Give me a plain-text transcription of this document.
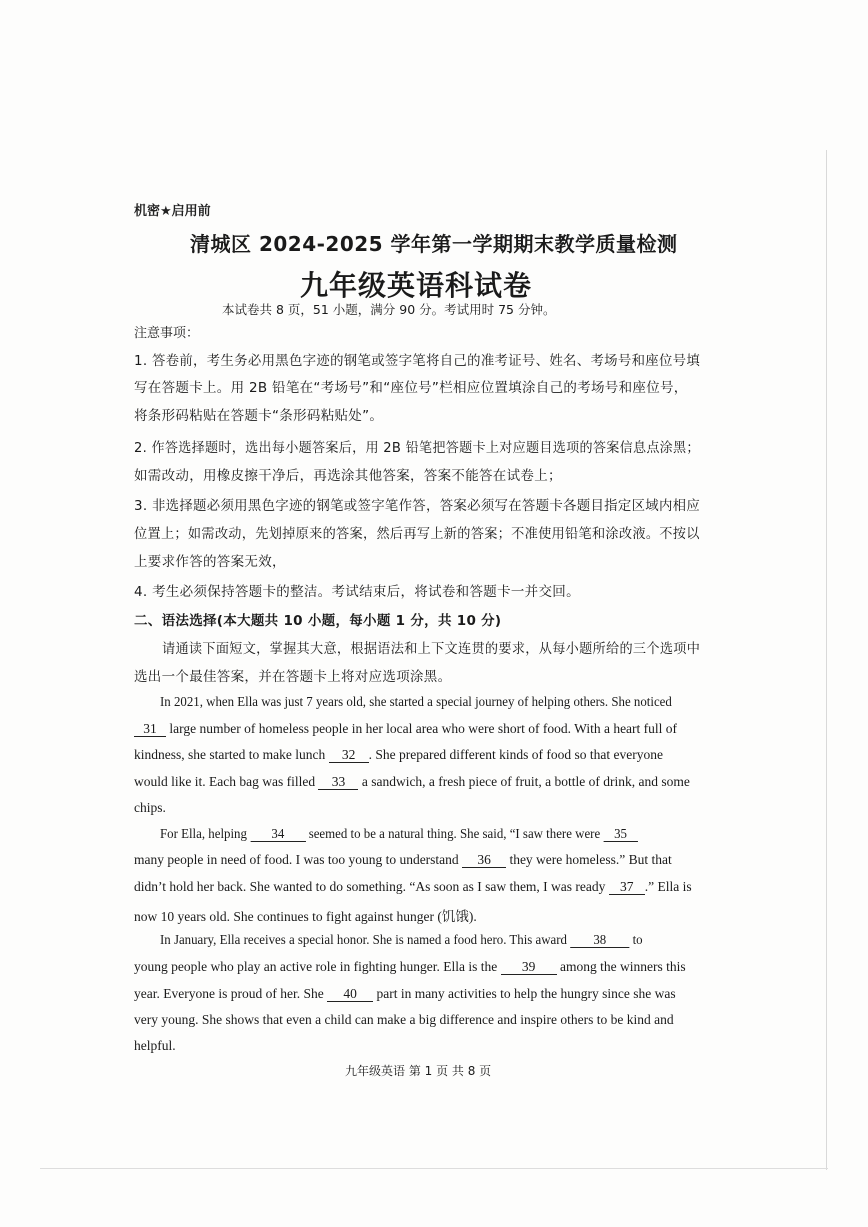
机密★启用前
清城区 2024-2025 学年第一学期期末教学质量检测
九年级英语科试卷
本试卷共 8 页，51 小题，满分 90 分。考试用时 75 分钟。
注意事项：
1. 答卷前，考生务必用黑色字迹的钢笔或签字笔将自己的准考证号、姓名、考场号和座位号填
写在答题卡上。用 2B 铅笔在“考场号”和“座位号”栏相应位置填涂自己的考场号和座位号，
将条形码粘贴在答题卡“条形码粘贴处”。
2. 作答选择题时，选出每小题答案后，用 2B 铅笔把答题卡上对应题目选项的答案信息点涂黑；
如需改动，用橡皮擦干净后，再选涂其他答案，答案不能答在试卷上；
3. 非选择题必须用黑色字迹的钢笔或签字笔作答，答案必须写在答题卡各题目指定区域内相应
位置上；如需改动，先划掉原来的答案，然后再写上新的答案；不准使用铅笔和涂改液。不按以
上要求作答的答案无效，
4. 考生必须保持答题卡的整洁。考试结束后，将试卷和答题卡一并交回。
二、语法选择(本大题共 10 小题，每小题 1 分，共 10 分)
请通读下面短文，掌握其大意，根据语法和上下文连贯的要求，从每小题所给的三个选项中
选出一个最佳答案，并在答题卡上将对应选项涂黑。
In 2021, when Ella was just 7 years old, she started a special journey of helping others. She noticed
31 large number of homeless people in her local area who were short of food. With a heart full of
kindness, she started to make lunch 32 . She prepared different kinds of food so that everyone
would like it. Each bag was filled 33 a sandwich, a fresh piece of fruit, a bottle of drink, and some
chips.
For Ella, helping 34 seemed to be a natural thing. She said, “I saw there were 35
many people in need of food. I was too young to understand 36 they were homeless.” But that
didn’t hold her back. She wanted to do something. “As soon as I saw them, I was ready 37 .” Ella is
now 10 years old. She continues to fight against hunger (饥饿).
In January, Ella receives a special honor. She is named a food hero. This award 38 to
young people who play an active role in fighting hunger. Ella is the 39 among the winners this
year. Everyone is proud of her. She 40 part in many activities to help the hungry since she was
very young. She shows that even a child can make a big difference and inspire others to be kind and
helpful.
九年级英语 第 1 页 共 8 页
